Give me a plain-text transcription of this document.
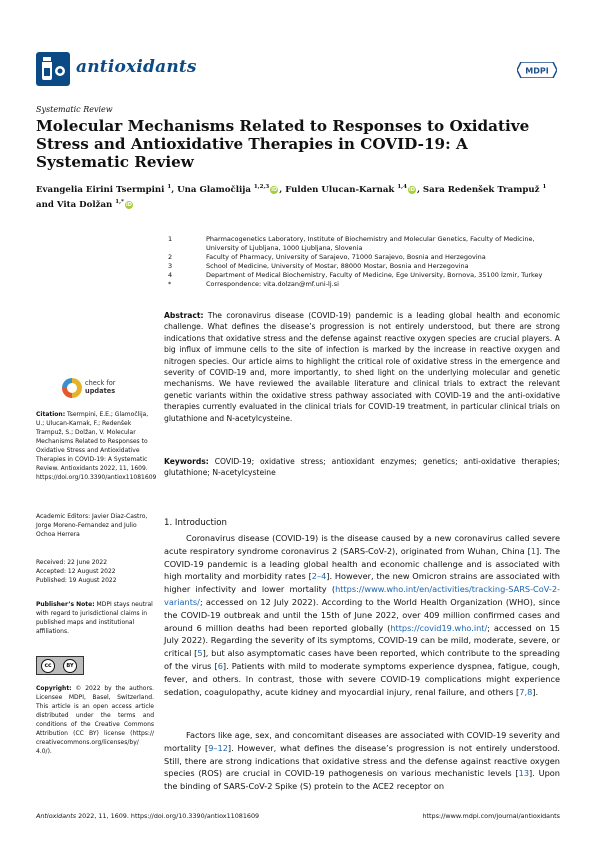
antioxidants	MDPI
Systematic Review
Molecular Mechanisms Related to Responses to Oxidative Stress and Antioxidative Therapies in COVID-19: A Systematic Review
Evangelia Eirini Tsermpini $^1$, Una Glamočlija $^{1,2,3}$ iD , Fulden Ulucan-Karnak $^{1,4}$ iD , Sara Redenšek Trampuž $^1$
and Vita Dolžan $^{1,*}$ iD
1	Pharmacogenetics Laboratory, Institute of Biochemistry and Molecular Genetics, Faculty of Medicine, University of Ljubljana, 1000 Ljubljana, Slovenia
2	Faculty of Pharmacy, University of Sarajevo, 71000 Sarajevo, Bosnia and Herzegovina
3	School of Medicine, University of Mostar, 88000 Mostar, Bosnia and Herzegovina
4	Department of Medical Biochemistry, Faculty of Medicine, Ege University, Bornova, 35100 İzmir, Turkey
*	Correspondence: vita.dolzan@mf.uni-lj.si
Abstract: The coronavirus disease (COVID-19) pandemic is a leading global health and economic challenge. What defines the disease’s progression is not entirely understood, but there are strong indications that oxidative stress and the defense against reactive oxygen species are crucial players. A big influx of immune cells to the site of infection is marked by the increase in reactive oxygen and nitrogen species. Our article aims to highlight the critical role of oxidative stress in the emergence and severity of COVID-19 and, more importantly, to shed light on the underlying molecular and genetic mechanisms. We have reviewed the available literature and clinical trials to extract the relevant genetic variants within the oxidative stress pathway associated with COVID-19 and the anti-oxidative therapies currently evaluated in the clinical trials for COVID-19 treatment, in particular clinical trials on glutathione and N-acetylcysteine.
Keywords: COVID-19; oxidative stress; antioxidant enzymes; genetics; anti-oxidative therapies; glutathione; N-acetylcysteine
check for
updates
Citation: Tsermpini, E.E.; Glamočlija, U.; Ulucan-Karnak, F.; Redenšek Trampuž, S.; Dolžan, V. Molecular Mechanisms Related to Responses to Oxidative Stress and Antioxidative Therapies in COVID-19: A Systematic Review. Antioxidants 2022, 11, 1609. https://doi.org/10.3390/antiox11081609
Academic Editors: Javier Diaz-Castro, Jorge Moreno-Fernandez and Julio Ochoa Herrera
Received: 22 June 2022
Accepted: 12 August 2022
Published: 19 August 2022
Publisher’s Note: MDPI stays neutral with regard to jurisdictional claims in published maps and institutional affiliations.
cc	BY
Copyright: © 2022 by the authors. Licensee MDPI, Basel, Switzerland. This article is an open access article distributed under the terms and conditions of the Creative Commons Attribution (CC BY) license (https:// creativecommons.org/licenses/by/ 4.0/).
1. Introduction
Coronavirus disease (COVID-19) is the disease caused by a new coronavirus called severe acute respiratory syndrome coronavirus 2 (SARS-CoV-2), originated from Wuhan, China [1]. The COVID-19 pandemic is a leading global health and economic challenge and is associated with high mortality and morbidity rates [2–4]. However, the new Omicron strains are associated with higher infectivity and lower mortality (https://www.who.int/en/activities/tracking-SARS-CoV-2-variants/; accessed on 12 July 2022). According to the World Health Organization (WHO), since the COVID-19 outbreak and until the 15th of June 2022, over 409 million confirmed cases and around 6 million deaths had been reported globally (https://covid19.who.int/; accessed on 15 July 2022). Regarding the severity of its symptoms, COVID-19 can be mild, moderate, severe, or critical [5], but also asymptomatic cases have been reported, which contribute to the spreading of the virus [6]. Patients with mild to moderate symptoms experience dyspnea, fatigue, cough, fever, and others. In contrast, those with severe COVID-19 complications might experience sedation, coagulopathy, acute kidney and myocardial injury, renal failure, and others [7,8].
Factors like age, sex, and concomitant diseases are associated with COVID-19 severity and mortality [9–12]. However, what defines the disease’s progression is not entirely understood. Still, there are strong indications that oxidative stress and the defense against reactive oxygen species (ROS) are crucial in COVID-19 pathogenesis on various mechanistic levels [13]. Upon the binding of SARS-CoV-2 Spike (S) protein to the ACE2 receptor on
Antioxidants 2022, 11, 1609. https://doi.org/10.3390/antiox11081609	https://www.mdpi.com/journal/antioxidants
